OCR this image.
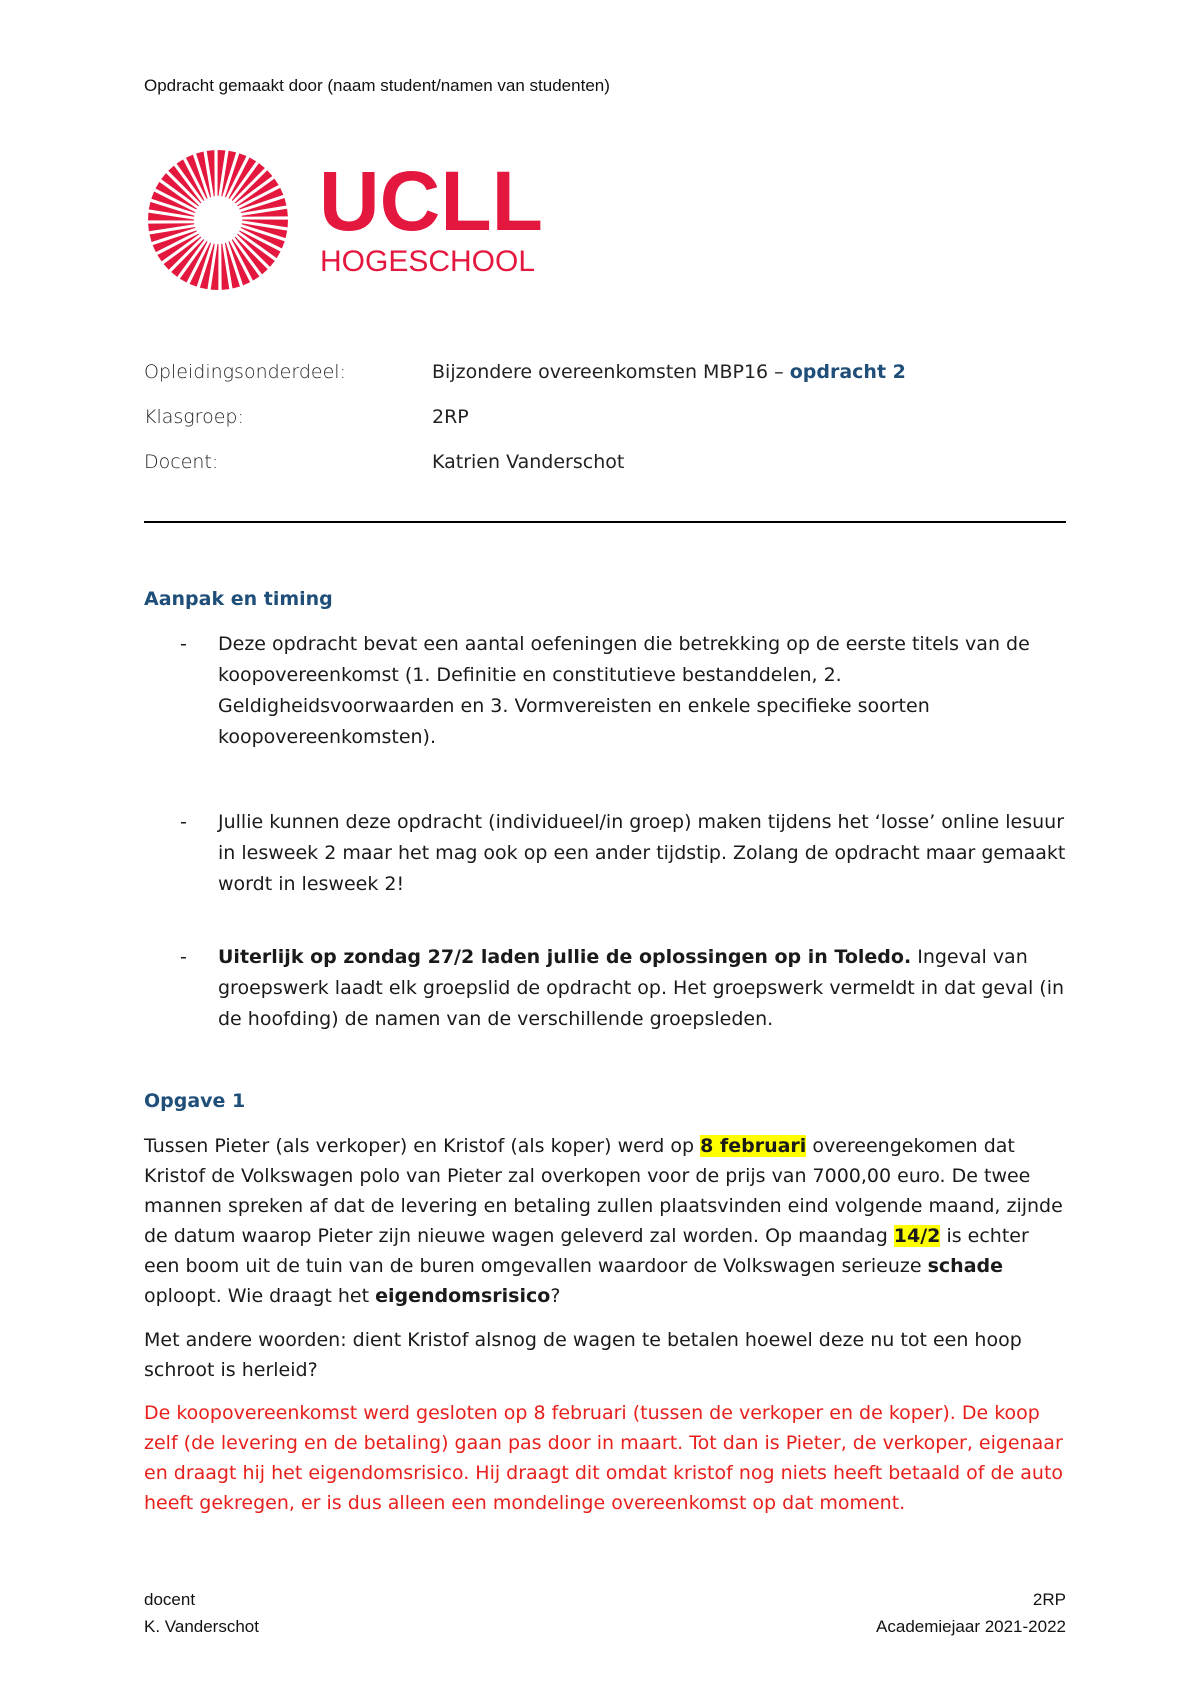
Opdracht gemaakt door (naam student/namen van studenten)
UCLL
HOGESCHOOL
Opleidingsonderdeel:	Bijzondere overeenkomsten MBP16 – opdracht 2
Klasgroep:	2RP
Docent:	Katrien Vanderschot
Aanpak en timing
-	Deze opdracht bevat een aantal oefeningen die betrekking op de eerste titels van de koopovereenkomst (1. Definitie en constitutieve bestanddelen, 2. Geldigheidsvoorwaarden en 3. Vormvereisten en enkele specifieke soorten koopovereenkomsten).
-	Jullie kunnen deze opdracht (individueel/in groep) maken tijdens het ‘losse’ online lesuur in lesweek 2 maar het mag ook op een ander tijdstip. Zolang de opdracht maar gemaakt wordt in lesweek 2!
-	Uiterlijk op zondag 27/2 laden jullie de oplossingen op in Toledo. Ingeval van groepswerk laadt elk groepslid de opdracht op. Het groepswerk vermeldt in dat geval (in de hoofding) de namen van de verschillende groepsleden.
Opgave 1
Tussen Pieter (als verkoper) en Kristof (als koper) werd op 8 februari overeengekomen dat Kristof de Volkswagen polo van Pieter zal overkopen voor de prijs van 7000,00 euro. De twee mannen spreken af dat de levering en betaling zullen plaatsvinden eind volgende maand, zijnde de datum waarop Pieter zijn nieuwe wagen geleverd zal worden. Op maandag 14/2 is echter een boom uit de tuin van de buren omgevallen waardoor de Volkswagen serieuze schade oploopt. Wie draagt het eigendomsrisico?
Met andere woorden: dient Kristof alsnog de wagen te betalen hoewel deze nu tot een hoop schroot is herleid?
De koopovereenkomst werd gesloten op 8 februari (tussen de verkoper en de koper). De koop zelf (de levering en de betaling) gaan pas door in maart. Tot dan is Pieter, de verkoper, eigenaar en draagt hij het eigendomsrisico. Hij draagt dit omdat kristof nog niets heeft betaald of de auto heeft gekregen, er is dus alleen een mondelinge overeenkomst op dat moment.
docent
K. Vanderschot
2RP
Academiejaar 2021-2022
